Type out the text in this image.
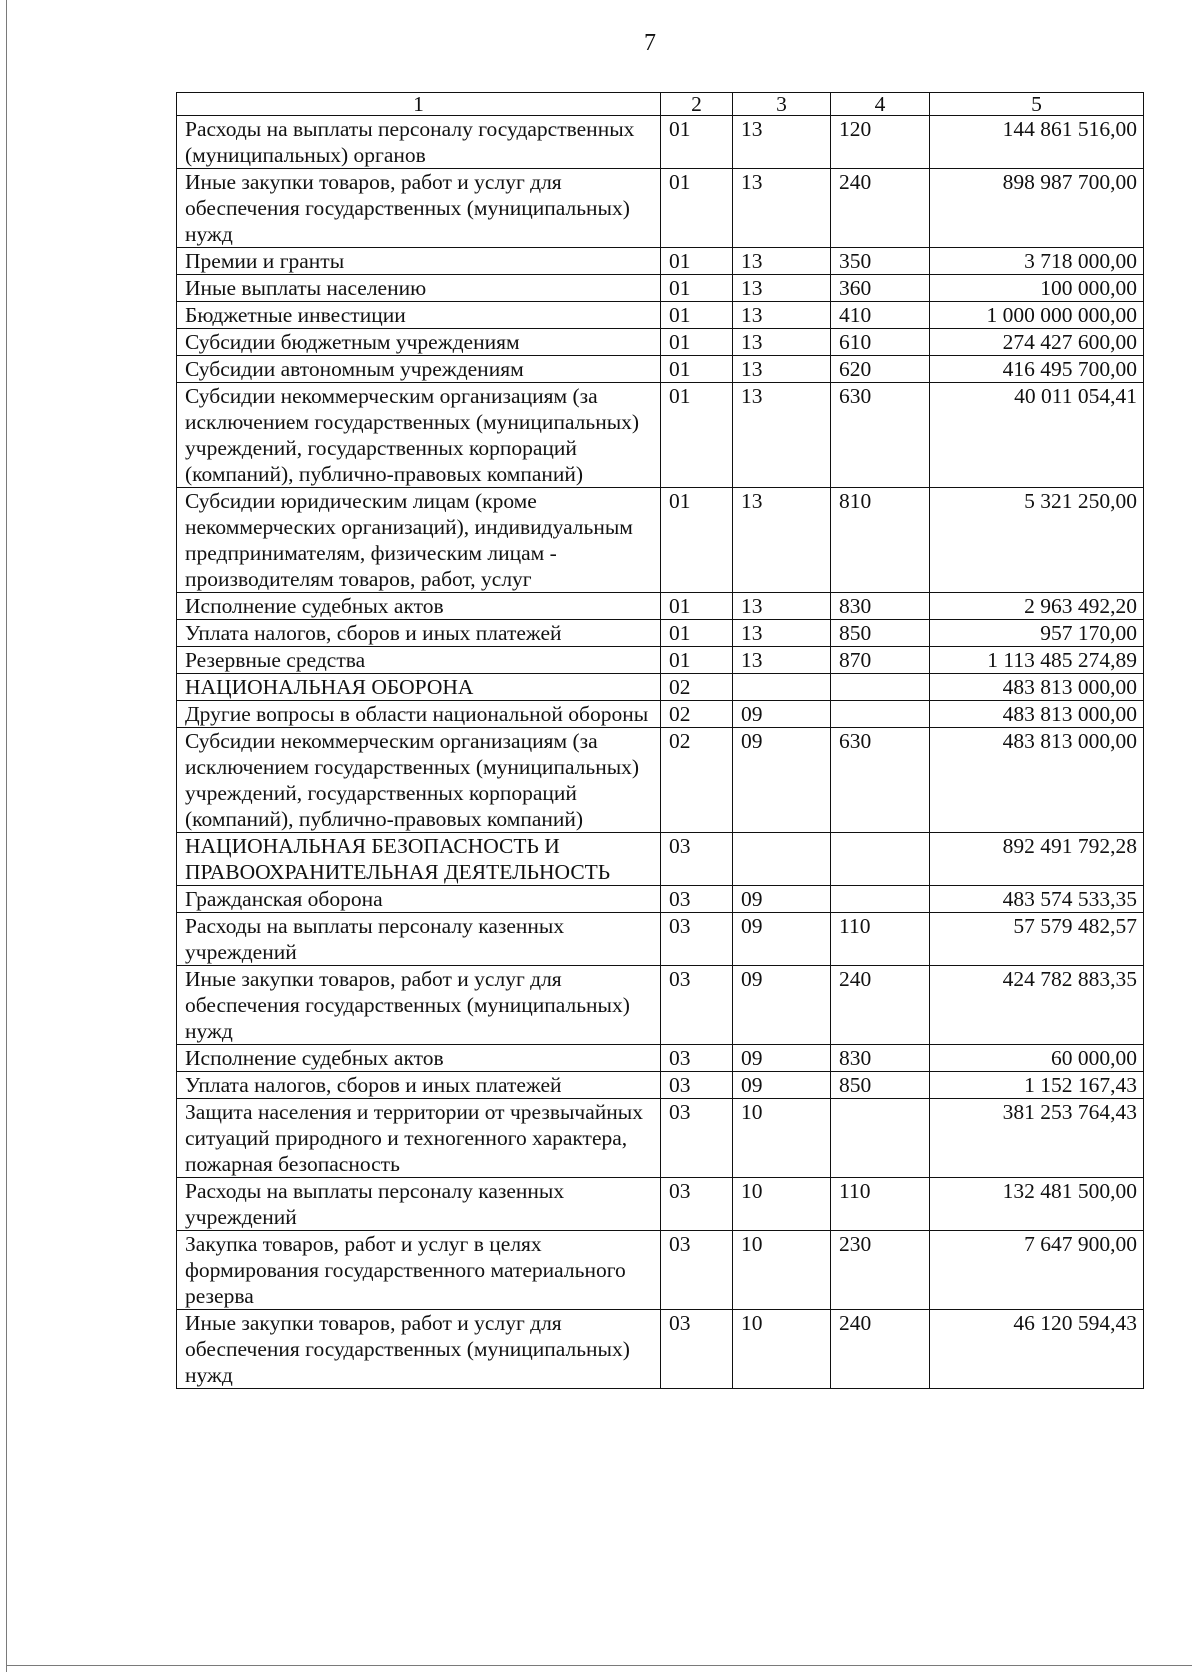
7
1	2	3	4	5
Расходы на выплаты персоналу государственных (муниципальных) органов	01	13	120	144 861 516,00
Иные закупки товаров, работ и услуг для обеспечения государственных (муниципальных) нужд	01	13	240	898 987 700,00
Премии и гранты	01	13	350	3 718 000,00
Иные выплаты населению	01	13	360	100 000,00
Бюджетные инвестиции	01	13	410	1 000 000 000,00
Субсидии бюджетным учреждениям	01	13	610	274 427 600,00
Субсидии автономным учреждениям	01	13	620	416 495 700,00
Субсидии некоммерческим организациям (за исключением государственных (муниципальных) учреждений, государственных корпораций (компаний), публично-правовых компаний)	01	13	630	40 011 054,41
Субсидии юридическим лицам (кроме некоммерческих организаций), индивидуальным предпринимателям, физическим лицам - производителям товаров, работ, услуг	01	13	810	5 321 250,00
Исполнение судебных актов	01	13	830	2 963 492,20
Уплата налогов, сборов и иных платежей	01	13	850	957 170,00
Резервные средства	01	13	870	1 113 485 274,89
НАЦИОНАЛЬНАЯ ОБОРОНА	02			483 813 000,00
Другие вопросы в области национальной обороны	02	09		483 813 000,00
Субсидии некоммерческим организациям (за исключением государственных (муниципальных) учреждений, государственных корпораций (компаний), публично-правовых компаний)	02	09	630	483 813 000,00
НАЦИОНАЛЬНАЯ БЕЗОПАСНОСТЬ И ПРАВООХРАНИТЕЛЬНАЯ ДЕЯТЕЛЬНОСТЬ	03			892 491 792,28
Гражданская оборона	03	09		483 574 533,35
Расходы на выплаты персоналу казенных учреждений	03	09	110	57 579 482,57
Иные закупки товаров, работ и услуг для обеспечения государственных (муниципальных) нужд	03	09	240	424 782 883,35
Исполнение судебных актов	03	09	830	60 000,00
Уплата налогов, сборов и иных платежей	03	09	850	1 152 167,43
Защита населения и территории от чрезвычайных ситуаций природного и техногенного характера, пожарная безопасность	03	10		381 253 764,43
Расходы на выплаты персоналу казенных учреждений	03	10	110	132 481 500,00
Закупка товаров, работ и услуг в целях формирования государственного материального резерва	03	10	230	7 647 900,00
Иные закупки товаров, работ и услуг для обеспечения государственных (муниципальных) нужд	03	10	240	46 120 594,43
